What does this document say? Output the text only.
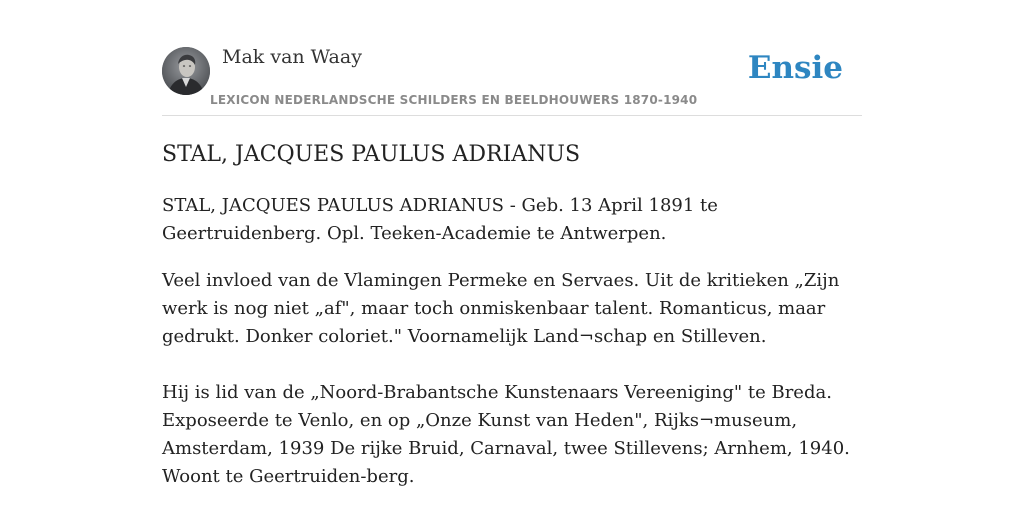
Mak van Waay
LEXICON NEDERLANDSCHE SCHILDERS EN BEELDHOUWERS 1870-1940
Ensie
STAL, JACQUES PAULUS ADRIANUS

STAL, JACQUES PAULUS ADRIANUS - Geb. 13 April 1891 te Geertruidenberg. Opl. Teeken-Academie te Antwerpen.

Veel invloed van de Vlamingen Permeke en Servaes. Uit de kritieken „Zijn werk is nog niet „af", maar toch onmiskenbaar talent. Romanticus, maar gedrukt. Donker coloriet." Voornamelijk Land¬schap en Stilleven.

Hij is lid van de „Noord-Brabantsche Kunstenaars Vereeniging" te Breda. Exposeerde te Venlo, en op „Onze Kunst van Heden", Rijks¬museum, Amsterdam, 1939 De rijke Bruid, Carnaval, twee Stillevens; Arnhem, 1940. Woont te Geertruiden-berg.
